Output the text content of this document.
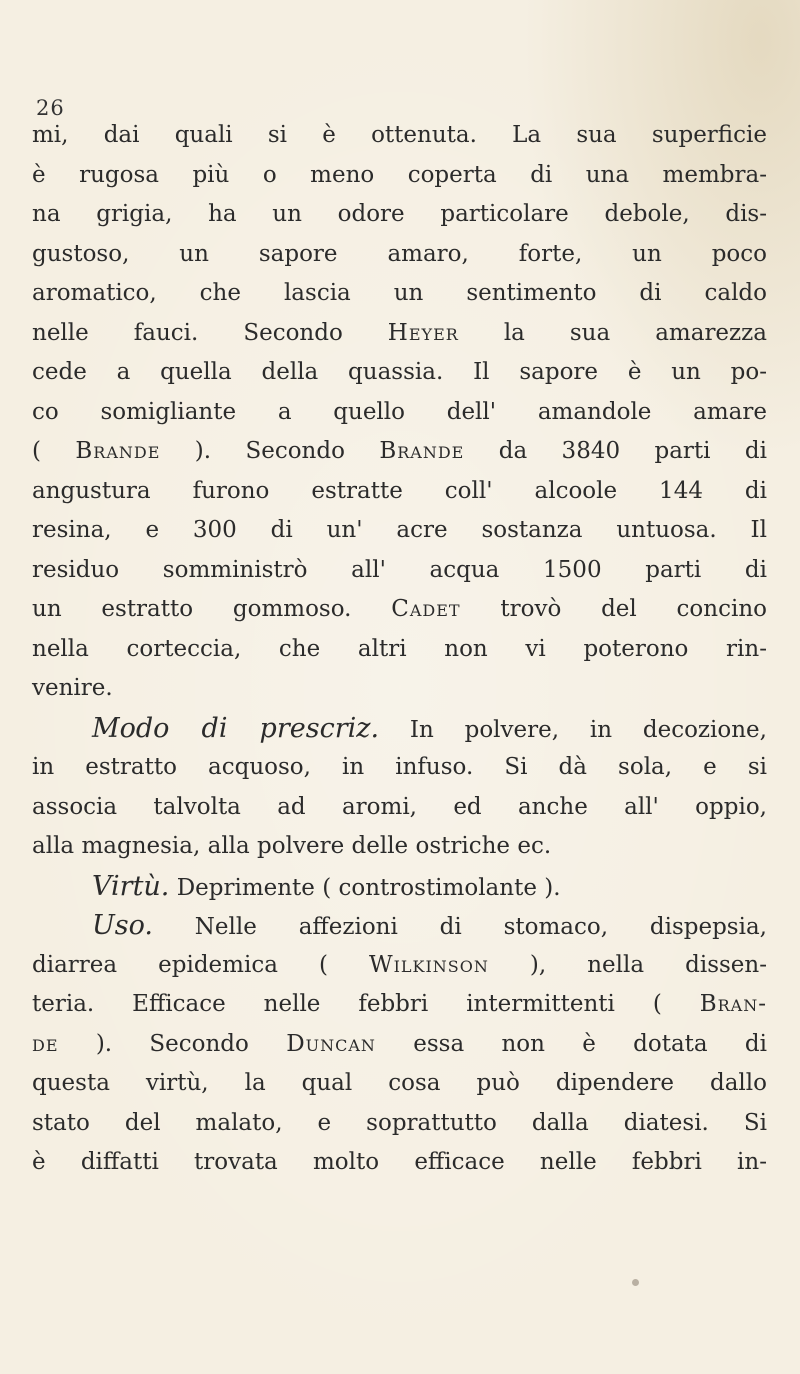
26
mi, dai quali si è ottenuta. La sua superficie
è rugosa più o meno coperta di una membra-
na grigia, ha un odore particolare debole, dis-
gustoso, un sapore amaro, forte, un poco
aromatico, che lascia un sentimento di caldo
nelle fauci. Secondo Heyer la sua amarezza
cede a quella della quassia. Il sapore è un po-
co somigliante a quello dell' amandole amare
( Brande ). Secondo Brande da 3840 parti di
angustura furono estratte coll' alcoole 144 di
resina, e 300 di un' acre sostanza untuosa. Il
residuo somministrò all' acqua 1500 parti di
un estratto gommoso. Cadet trovò del concino
nella corteccia, che altri non vi poterono rin-
venire.
Modo di prescriz. In polvere, in decozione,
in estratto acquoso, in infuso. Si dà sola, e si
associa talvolta ad aromi, ed anche all' oppio,
alla magnesia, alla polvere delle ostriche ec.
Virtù. Deprimente ( controstimolante ).
Uso. Nelle affezioni di stomaco, dispepsia,
diarrea epidemica ( Wilkinson ), nella dissen-
teria. Efficace nelle febbri intermittenti ( Bran-
de ). Secondo Duncan essa non è dotata di
questa virtù, la qual cosa può dipendere dallo
stato del malato, e soprattutto dalla diatesi. Si
è diffatti trovata molto efficace nelle febbri in-
